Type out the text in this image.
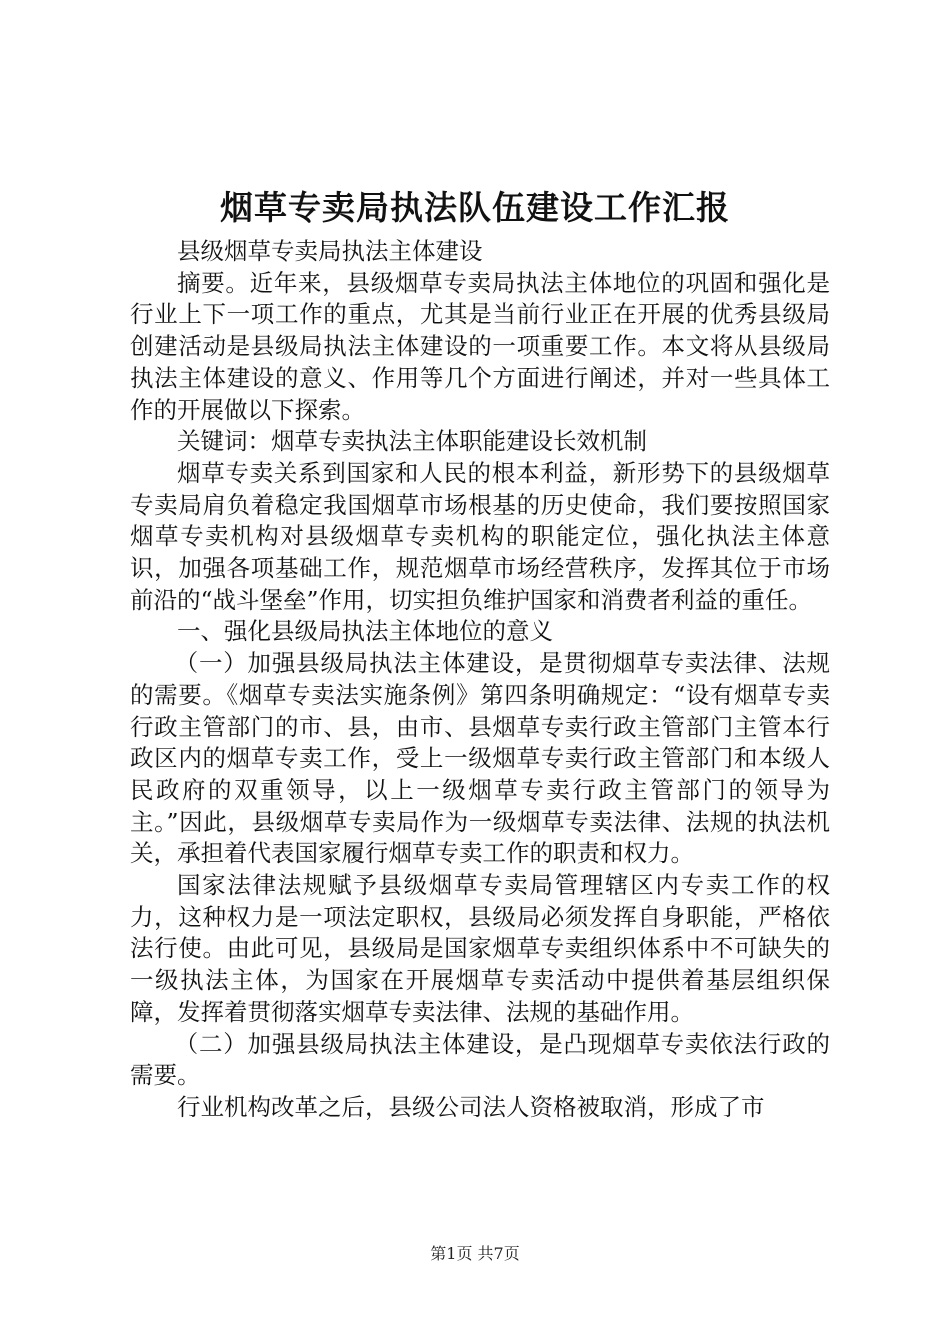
烟草专卖局执法队伍建设工作汇报

县级烟草专卖局执法主体建设

摘要。近年来，县级烟草专卖局执法主体地位的巩固和强化是行业上下一项工作的重点，尤其是当前行业正在开展的优秀县级局创建活动是县级局执法主体建设的一项重要工作。本文将从县级局执法主体建设的意义、作用等几个方面进行阐述，并对一些具体工作的开展做以下探索。

关键词：烟草专卖执法主体职能建设长效机制

烟草专卖关系到国家和人民的根本利益，新形势下的县级烟草专卖局肩负着稳定我国烟草市场根基的历史使命，我们要按照国家烟草专卖机构对县级烟草专卖机构的职能定位，强化执法主体意识，加强各项基础工作，规范烟草市场经营秩序，发挥其位于市场前沿的“战斗堡垒”作用，切实担负维护国家和消费者利益的重任。

一、强化县级局执法主体地位的意义

（一）加强县级局执法主体建设，是贯彻烟草专卖法律、法规的需要。《烟草专卖法实施条例》第四条明确规定：“设有烟草专卖行政主管部门的市、县，由市、县烟草专卖行政主管部门主管本行政区内的烟草专卖工作，受上一级烟草专卖行政主管部门和本级人民政府的双重领导，以上一级烟草专卖行政主管部门的领导为主。”因此，县级烟草专卖局作为一级烟草专卖法律、法规的执法机关，承担着代表国家履行烟草专卖工作的职责和权力。

国家法律法规赋予县级烟草专卖局管理辖区内专卖工作的权力，这种权力是一项法定职权，县级局必须发挥自身职能，严格依法行使。由此可见，县级局是国家烟草专卖组织体系中不可缺失的一级执法主体，为国家在开展烟草专卖活动中提供着基层组织保障，发挥着贯彻落实烟草专卖法律、法规的基础作用。

（二）加强县级局执法主体建设，是凸现烟草专卖依法行政的需要。

行业机构改革之后，县级公司法人资格被取消，形成了市

第1页 共7页
